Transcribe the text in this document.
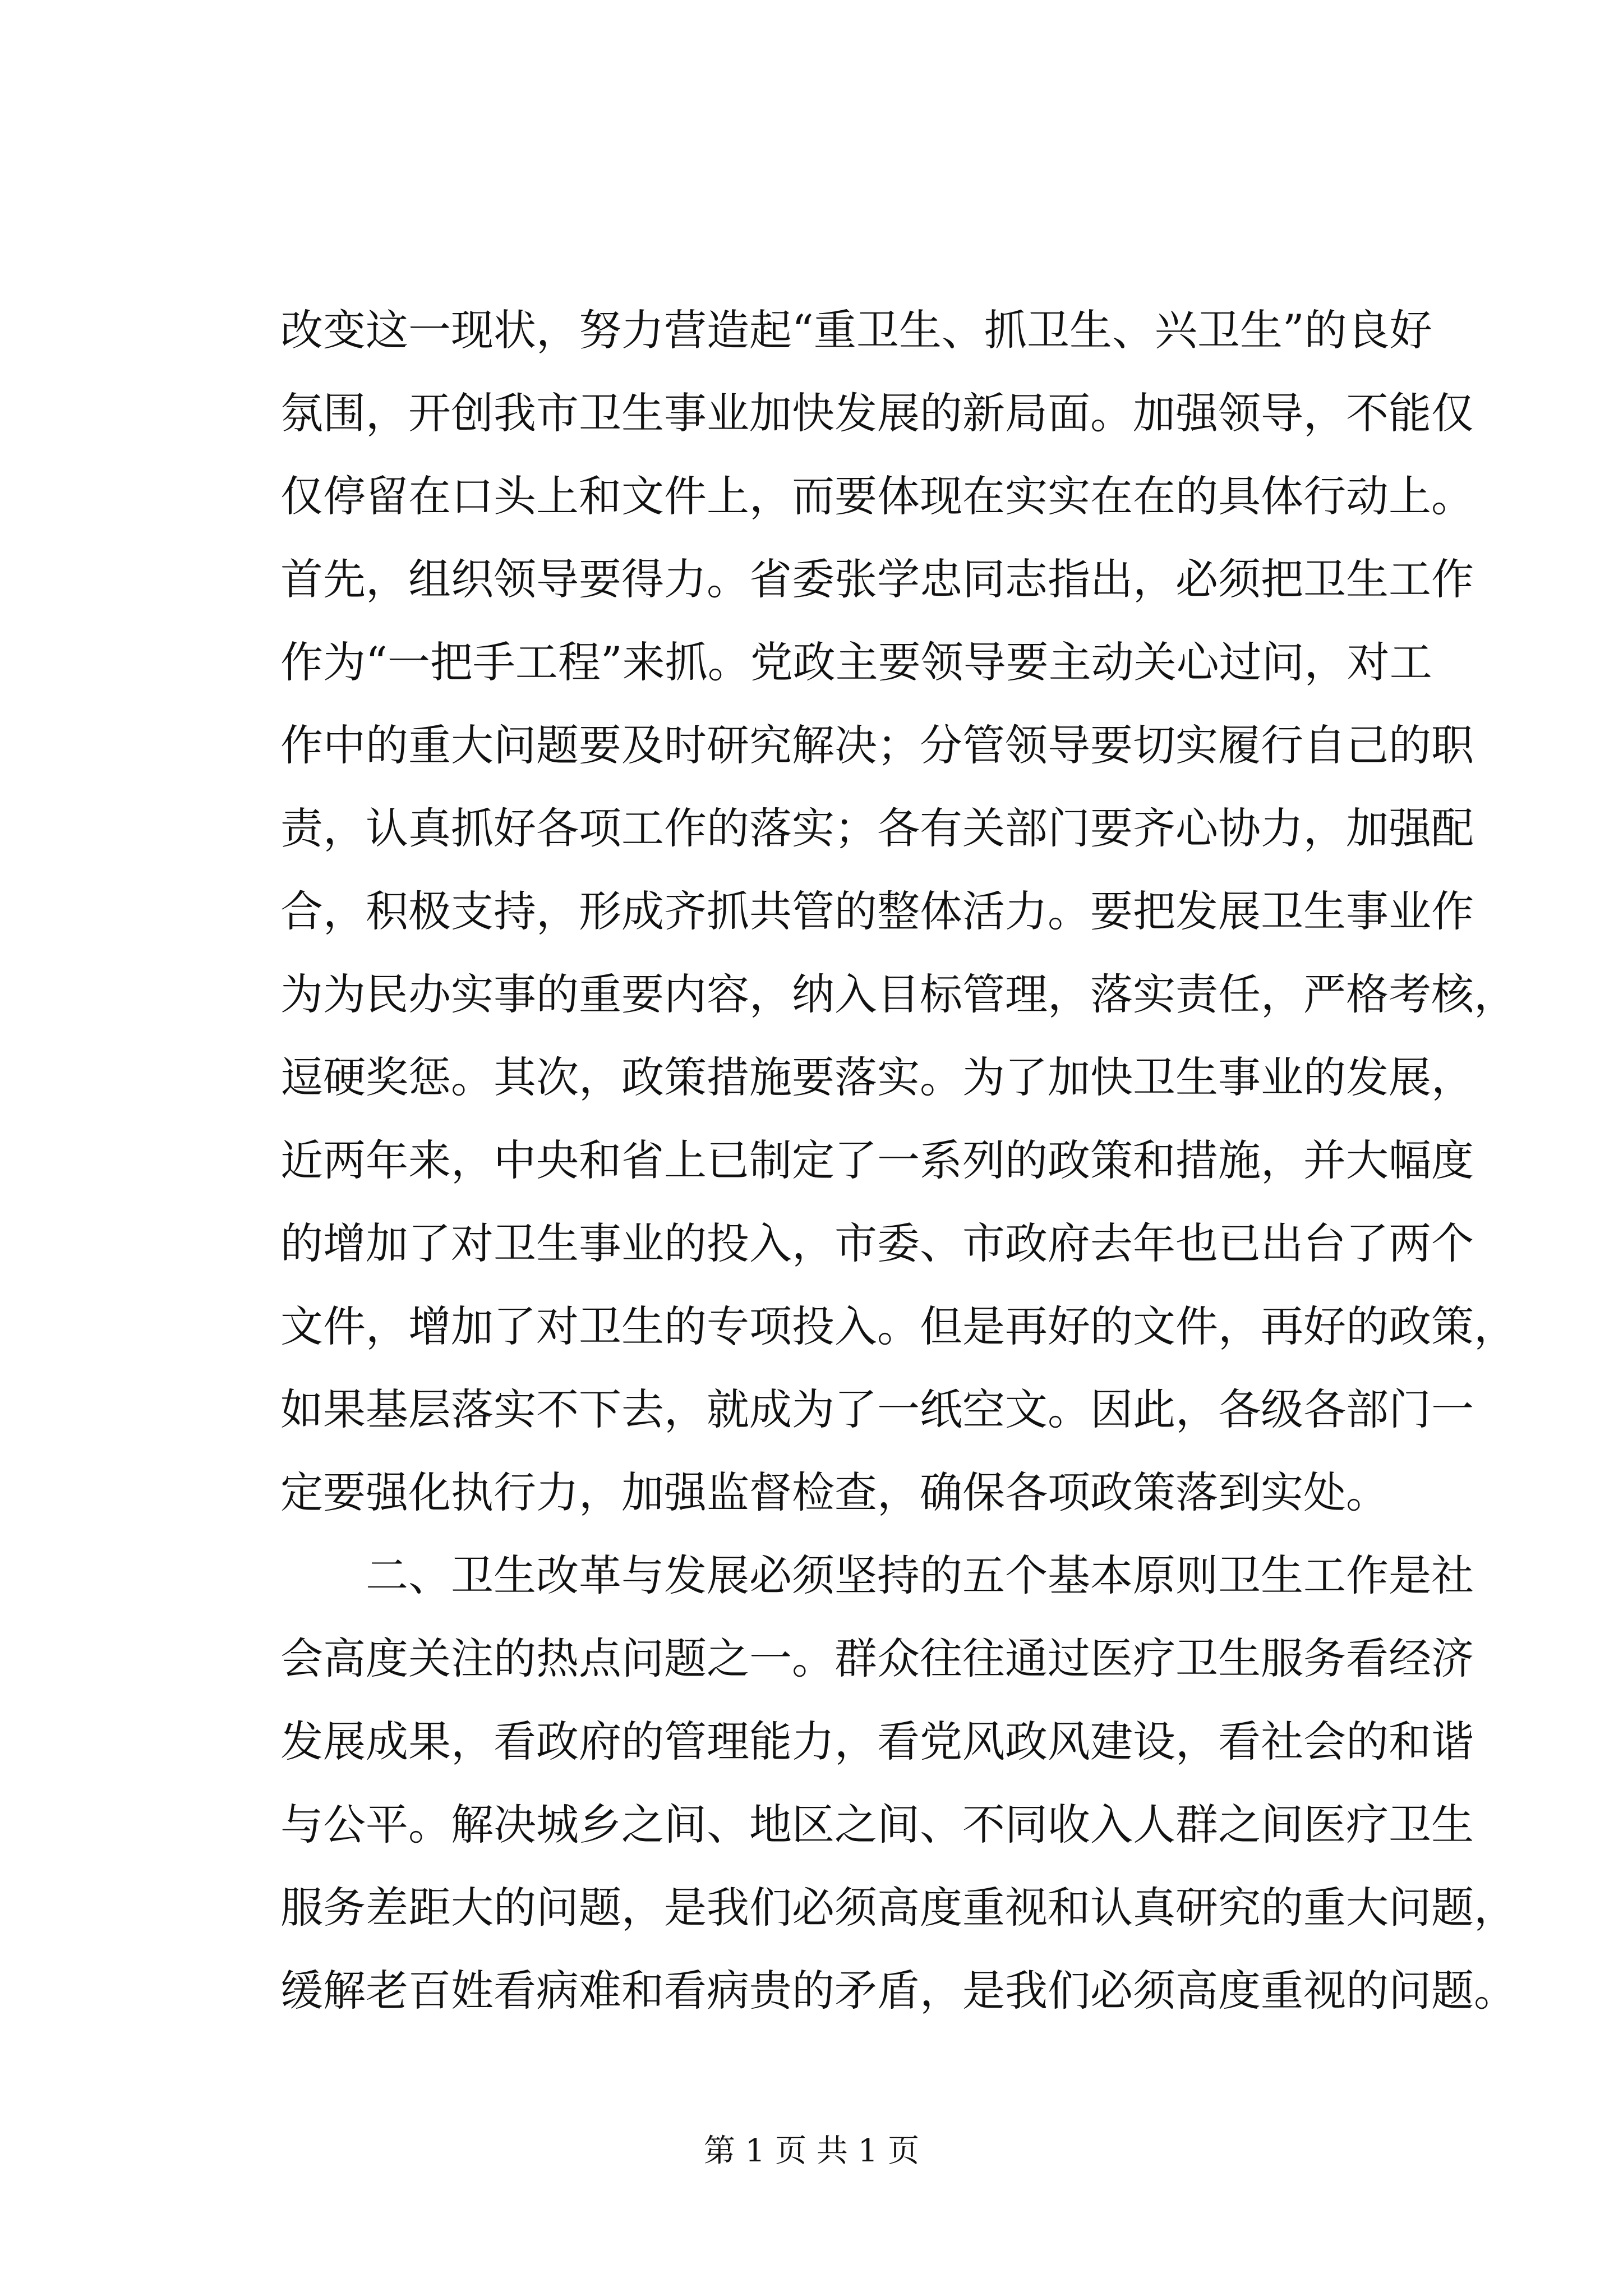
改变这一现状，努力营造起“重卫生、抓卫生、兴卫生”的良好
氛围，开创我市卫生事业加快发展的新局面。加强领导，不能仅
仅停留在口头上和文件上，而要体现在实实在在的具体行动上。
首先，组织领导要得力。省委张学忠同志指出，必须把卫生工作
作为“一把手工程”来抓。党政主要领导要主动关心过问，对工
作中的重大问题要及时研究解决；分管领导要切实履行自己的职
责，认真抓好各项工作的落实；各有关部门要齐心协力，加强配
合，积极支持，形成齐抓共管的整体活力。要把发展卫生事业作
为为民办实事的重要内容，纳入目标管理，落实责任，严格考核，
逗硬奖惩。其次，政策措施要落实。为了加快卫生事业的发展，
近两年来，中央和省上已制定了一系列的政策和措施，并大幅度
的增加了对卫生事业的投入，市委、市政府去年也已出台了两个
文件，增加了对卫生的专项投入。但是再好的文件，再好的政策，
如果基层落实不下去，就成为了一纸空文。因此，各级各部门一
定要强化执行力，加强监督检查，确保各项政策落到实处。
二、卫生改革与发展必须坚持的五个基本原则卫生工作是社
会高度关注的热点问题之一。群众往往通过医疗卫生服务看经济
发展成果，看政府的管理能力，看党风政风建设，看社会的和谐
与公平。解决城乡之间、地区之间、不同收入人群之间医疗卫生
服务差距大的问题，是我们必须高度重视和认真研究的重大问题，
缓解老百姓看病难和看病贵的矛盾，是我们必须高度重视的问题。
第 1 页 共 1 页
